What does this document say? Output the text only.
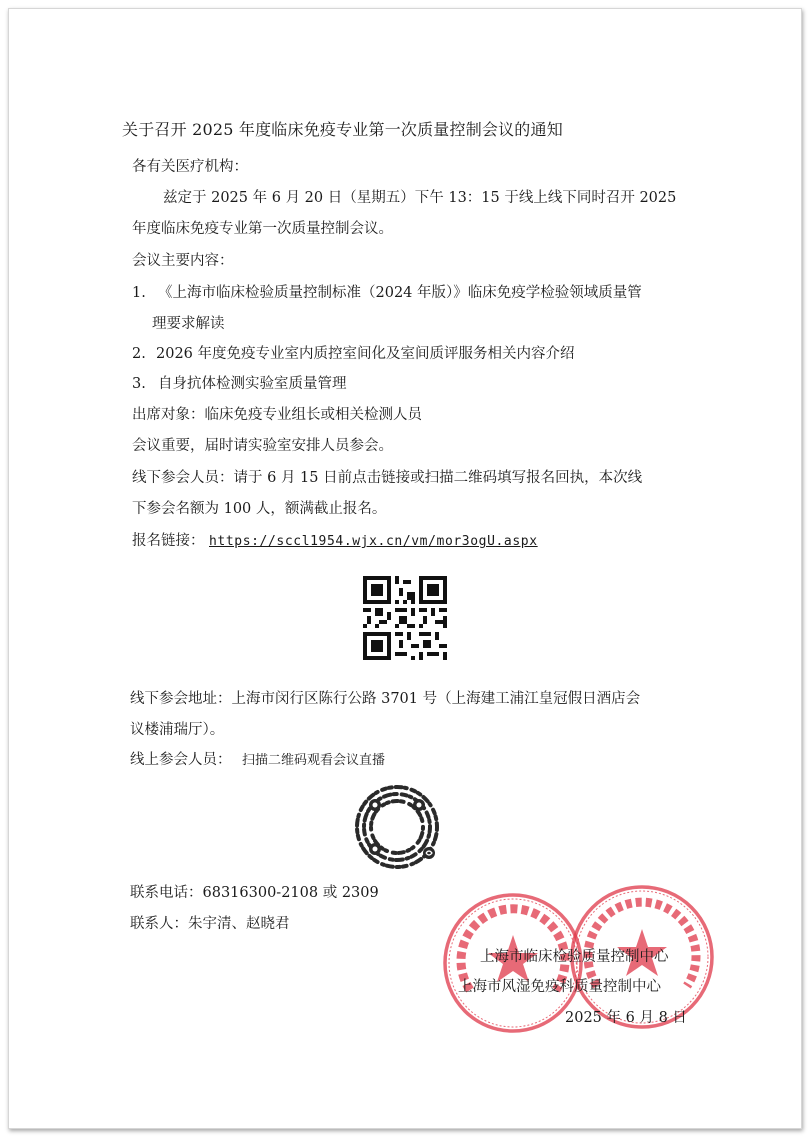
关于召开 2025 年度临床免疫专业第一次质量控制会议的通知
各有关医疗机构：
兹定于 2025 年 6 月 20 日（星期五）下午 13：15 于线上线下同时召开 2025
年度临床免疫专业第一次质量控制会议。
会议主要内容：
1. 《上海市临床检验质量控制标准（2024 年版）》临床免疫学检验领域质量管
理要求解读
2. 2026 年度免疫专业室内质控室间化及室间质评服务相关内容介绍
3. 自身抗体检测实验室质量管理
出席对象：临床免疫专业组长或相关检测人员
会议重要，届时请实验室安排人员参会。
线下参会人员：请于 6 月 15 日前点击链接或扫描二维码填写报名回执，本次线
下参会名额为 100 人，额满截止报名。
报名链接： https://sccl1954.wjx.cn/vm/mor3ogU.aspx
线下参会地址：上海市闵行区陈行公路 3701 号（上海建工浦江皇冠假日酒店会
议楼浦瑞厅）。
线上参会人员： 扫描二维码观看会议直播
联系电话：68316300-2108 或 2309
联系人：朱宇清、赵晓君
上海市临床检验质量控制中心
上海市风湿免疫科质量控制中心
2025 年 6 月 8 日
